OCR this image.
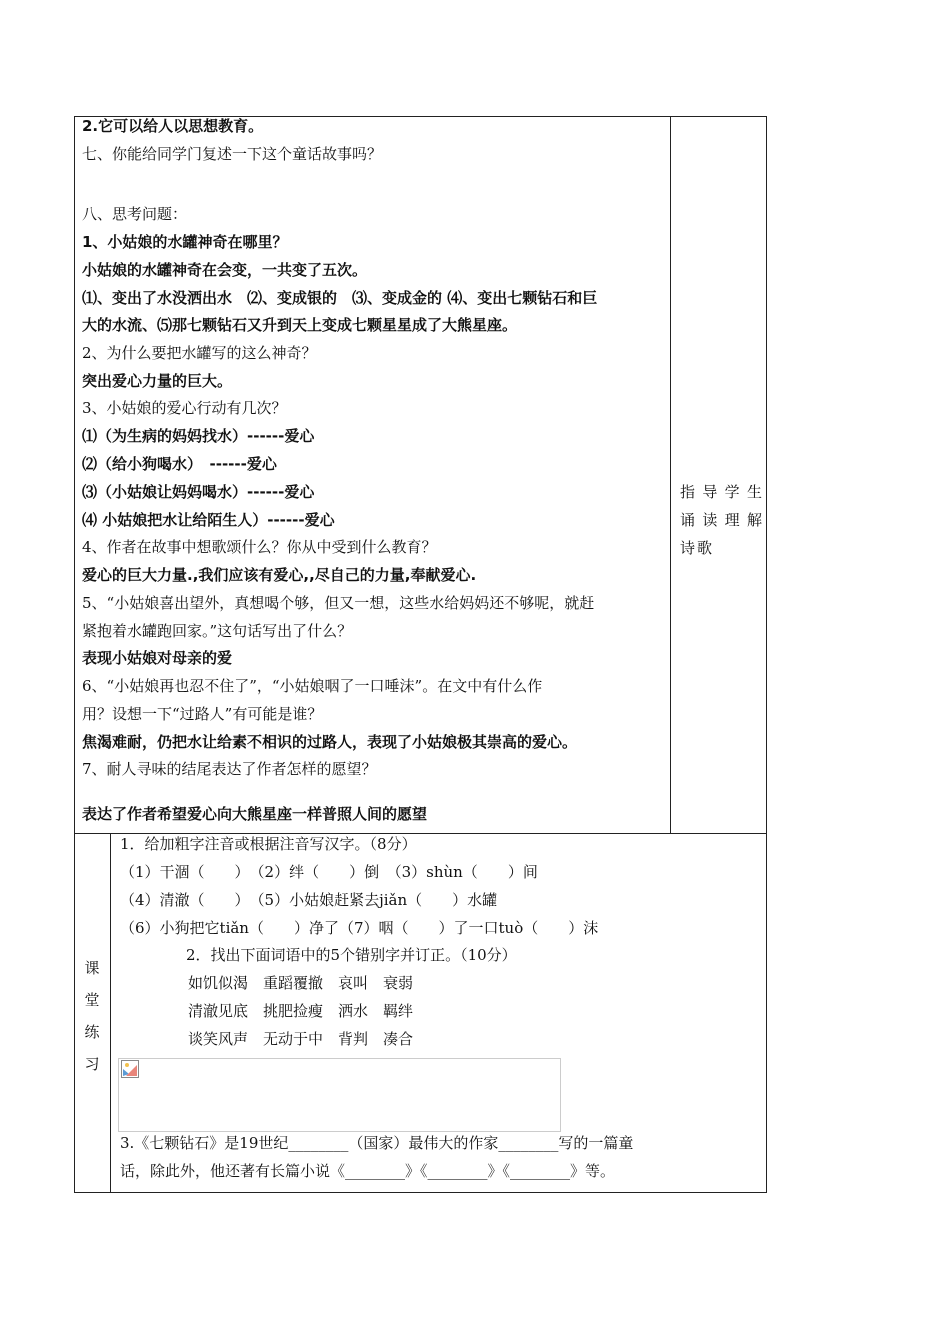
2.它可以给人以思想教育。
七、你能给同学门复述一下这个童话故事吗？
八、思考问题：
1、小姑娘的水罐神奇在哪里？
小姑娘的水罐神奇在会变，一共变了五次。
⑴、变出了水没洒出水　⑵、变成银的　⑶、变成金的 ⑷、变出七颗钻石和巨
大的水流、⑸那七颗钻石又升到天上变成七颗星星成了大熊星座。
2、为什么要把水罐写的这么神奇？
突出爱心力量的巨大。
3、小姑娘的爱心行动有几次？
⑴（为生病的妈妈找水）------爱心
⑵（给小狗喝水）　------爱心
⑶（小姑娘让妈妈喝水）------爱心
⑷ 小姑娘把水让给陌生人）------爱心
4、作者在故事中想歌颂什么？你从中受到什么教育？
爱心的巨大力量.,我们应该有爱心,,尽自己的力量,奉献爱心.
5、“小姑娘喜出望外，真想喝个够，但又一想，这些水给妈妈还不够呢，就赶
紧抱着水罐跑回家。”这句话写出了什么？
表现小姑娘对母亲的爱
6、“小姑娘再也忍不住了”，“小姑娘咽了一口唾沫”。在文中有什么作
用？设想一下“过路人”有可能是谁？
焦渴难耐，仍把水让给素不相识的过路人，表现了小姑娘极其崇高的爱心。
7、耐人寻味的结尾表达了作者怎样的愿望？
表达了作者希望爱心向大熊星座一样普照人间的愿望
指导学生诵读理解诗歌
课
堂
练
习
1．给加粗字注音或根据注音写汉字。（8分）
（1）干涸（　　）　（2）绊（　　）倒　（3）shùn（　　）间
（4）清澈（　　）　（5）小姑娘赶紧去jiǎn（　　）水罐
（6）小狗把它tiǎn（　　）净了（7）咽（　　）了一口tuò（　　）沫
2．找出下面词语中的5个错别字并订正。（10分）
如饥似渴　重蹈覆撤　哀叫　衰弱
清澈见底　挑肥捡瘦　洒水　羁绊
谈笑风声　无动于中　背判　凑合
3.《七颗钻石》是19世纪________（国家）最伟大的作家________写的一篇童
话，除此外，他还著有长篇小说《________》《________》《________》等。
